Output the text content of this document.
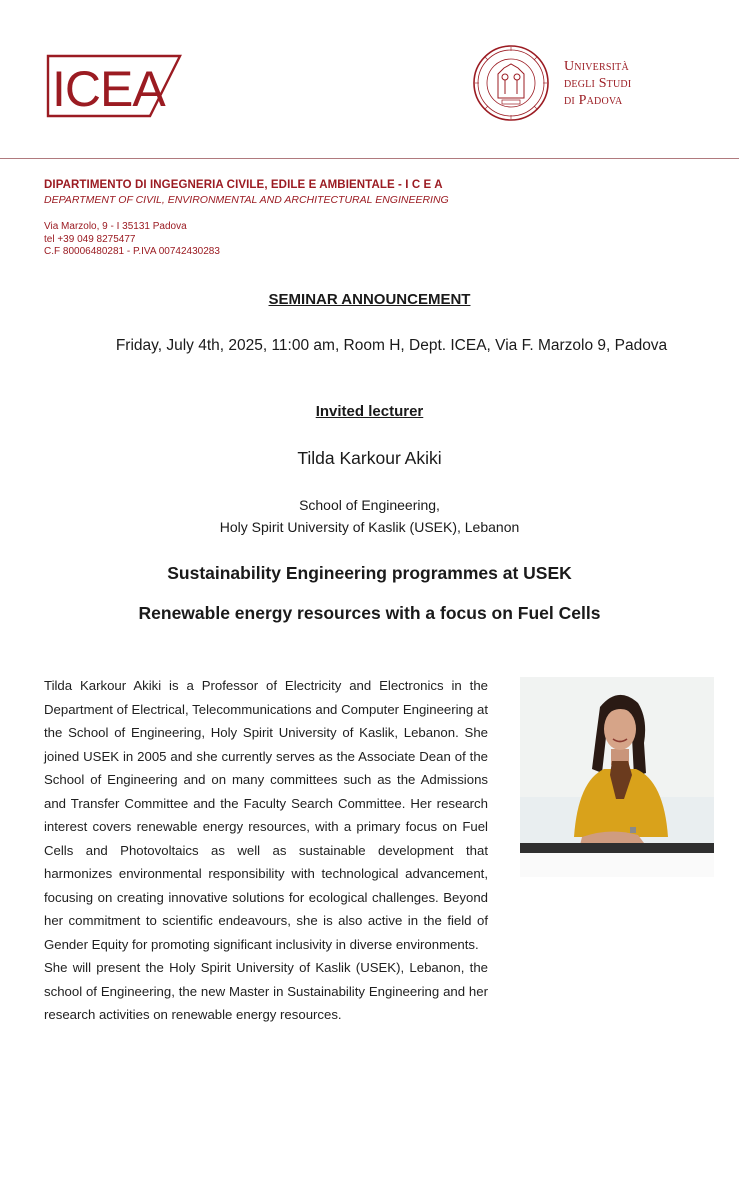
ICEA	Università
degli Studi
di Padova
DIPARTIMENTO DI INGEGNERIA CIVILE, EDILE E AMBIENTALE - I C E A
DEPARTMENT OF CIVIL, ENVIRONMENTAL AND ARCHITECTURAL ENGINEERING
Via Marzolo, 9 - I 35131 Padova
tel +39 049 8275477
C.F 80006480281 - P.IVA 00742430283
SEMINAR ANNOUNCEMENT
Friday, July 4th, 2025, 11:00 am, Room H, Dept. ICEA, Via F. Marzolo 9, Padova
Invited lecturer
Tilda Karkour Akiki
School of Engineering,
Holy Spirit University of Kaslik (USEK), Lebanon
Sustainability Engineering programmes at USEK
Renewable energy resources with a focus on Fuel Cells

Tilda Karkour Akiki is a Professor of Electricity and Electronics in the Department of Electrical, Telecommunications and Computer Engineering at the School of Engineering, Holy Spirit University of Kaslik, Lebanon. She joined USEK in 2005 and she currently serves as the Associate Dean of the School of Engineering and on many committees such as the Admissions and Transfer Committee and the Faculty Search Committee. Her research interest covers renewable energy resources, with a primary focus on Fuel Cells and Photovoltaics as well as sustainable development that harmonizes environmental responsibility with technological advancement, focusing on creating innovative solutions for ecological challenges. Beyond her commitment to scientific endeavours, she is also active in the field of Gender Equity for promoting significant inclusivity in diverse environments.

She will present the Holy Spirit University of Kaslik (USEK), Lebanon, the school of Engineering, the new Master in Sustainability Engineering and her research activities on renewable energy resources.
